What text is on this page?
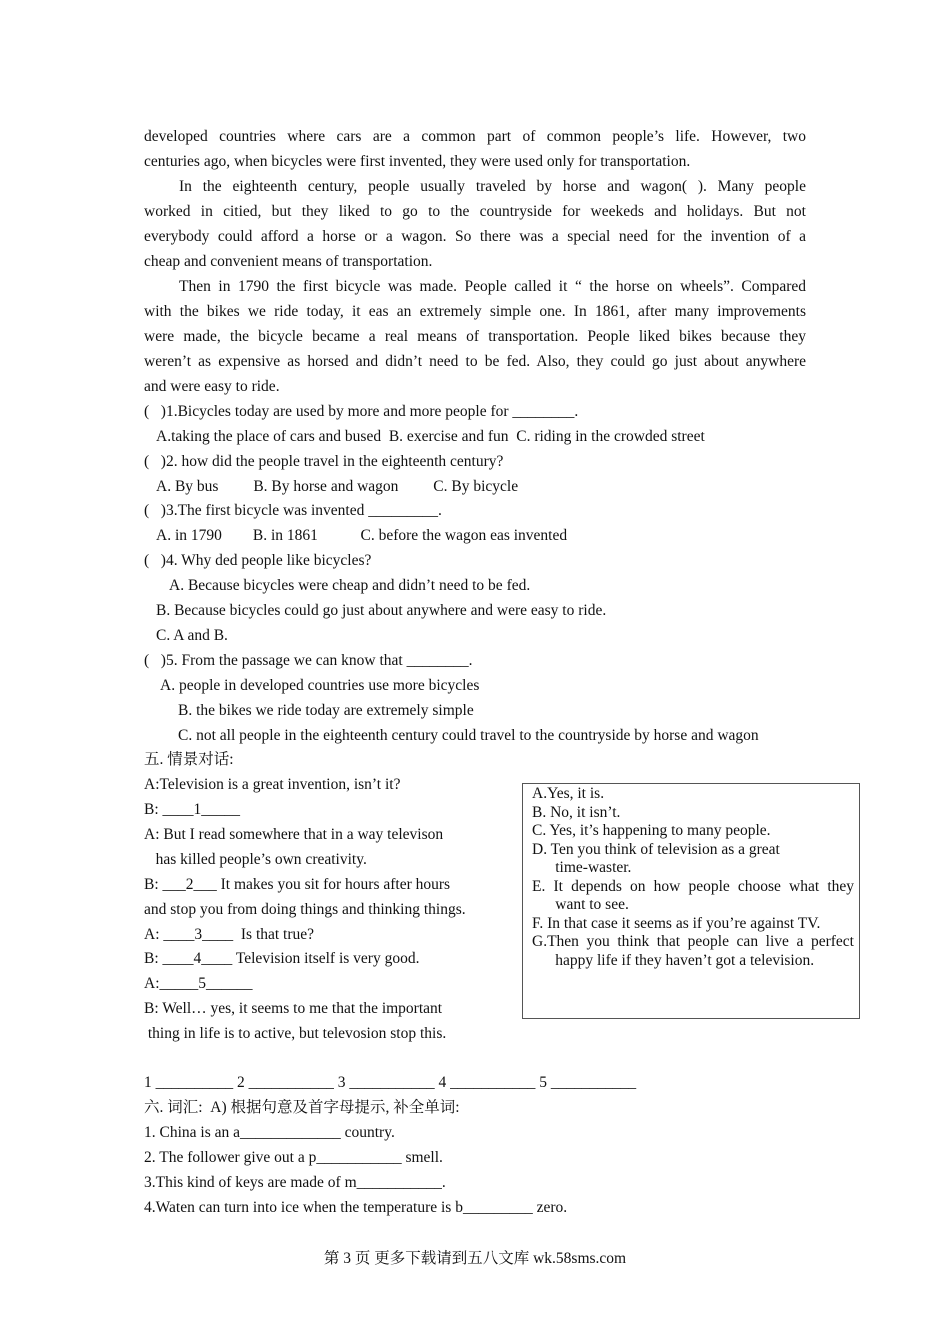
developed countries where cars are a common part of common people’s life. However, two
centuries ago, when bicycles were first invented, they were used only for transportation.
In the eighteenth century, people usually traveled by horse and wagon( ). Many people
worked in citied, but they liked to go to the countryside for weekeds and holidays. But not
everybody could afford a horse or a wagon. So there was a special need for the invention of a
cheap and convenient means of transportation.
Then in 1790 the first bicycle was made. People called it “ the horse on wheels”. Compared
with the bikes we ride today, it eas an extremely simple one. In 1861, after many improvements
were made, the bicycle became a real means of transportation. People liked bikes because they
weren’t as expensive as horsed and didn’t need to be fed. Also, they could go just about anywhere
and were easy to ride.
(   )1.Bicycles today are used by more and more people for ________.
A.taking the place of cars and bused  B. exercise and fun  C. riding in the crowded street
(   )2. how did the people travel in the eighteenth century?
A. By bus         B. By horse and wagon         C. By bicycle
(   )3.The first bicycle was invented _________.
A. in 1790        B. in 1861           C. before the wagon eas invented
(   )4. Why ded people like bicycles?
A. Because bicycles were cheap and didn’t need to be fed.
B. Because bicycles could go just about anywhere and were easy to ride.
C. A and B.
(   )5. From the passage we can know that ________.
A. people in developed countries use more bicycles
B. the bikes we ride today are extremely simple
C. not all people in the eighteenth century could travel to the countryside by horse and wagon
五. 情景对话:
A:Television is a great invention, isn’t it?
B: ____1_____
A: But I read somewhere that in a way televison
has killed people’s own creativity.
B: ___2___ It makes you sit for hours after hours
and stop you from doing things and thinking things.
A: ____3____  Is that true?
B: ____4____ Television itself is very good.
A:_____5______
B: Well… yes, it seems to me that the important
thing in life is to active, but televosion stop this.
A.Yes, it is.
B. No, it isn’t.
C. Yes, it’s happening to many people.
D. Ten you think of television as a great
time-waster.
E. It depends on how people choose what they
want to see.
F. In that case it seems as if you’re against TV.
G.Then you think that people can live a perfect
happy life if they haven’t got a television.
1 __________ 2 ___________ 3 ___________ 4 ___________ 5 ___________
六. 词汇:  A) 根据句意及首字母提示, 补全单词:
1. China is an a_____________ country.
2. The follower give out a p___________ smell.
3.This kind of keys are made of m___________.
4.Waten can turn into ice when the temperature is b_________ zero.
第 3 页 更多下载请到五八文库 wk.58sms.com
